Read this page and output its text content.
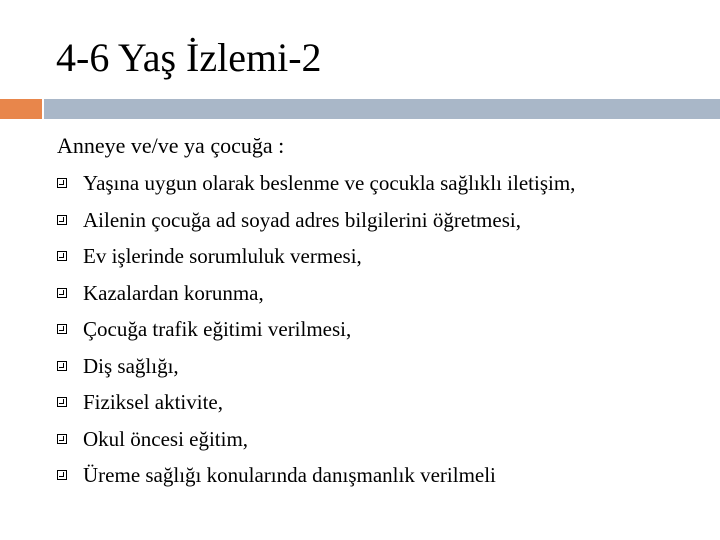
4-6 Yaş İzlemi-2
Anneye ve/ve ya çocuğa :
Yaşına uygun olarak beslenme ve çocukla sağlıklı iletişim,
Ailenin çocuğa ad soyad adres bilgilerini öğretmesi,
Ev işlerinde sorumluluk vermesi,
Kazalardan korunma,
Çocuğa trafik eğitimi verilmesi,
Diş sağlığı,
Fiziksel aktivite,
Okul öncesi eğitim,
Üreme sağlığı konularında danışmanlık verilmeli
